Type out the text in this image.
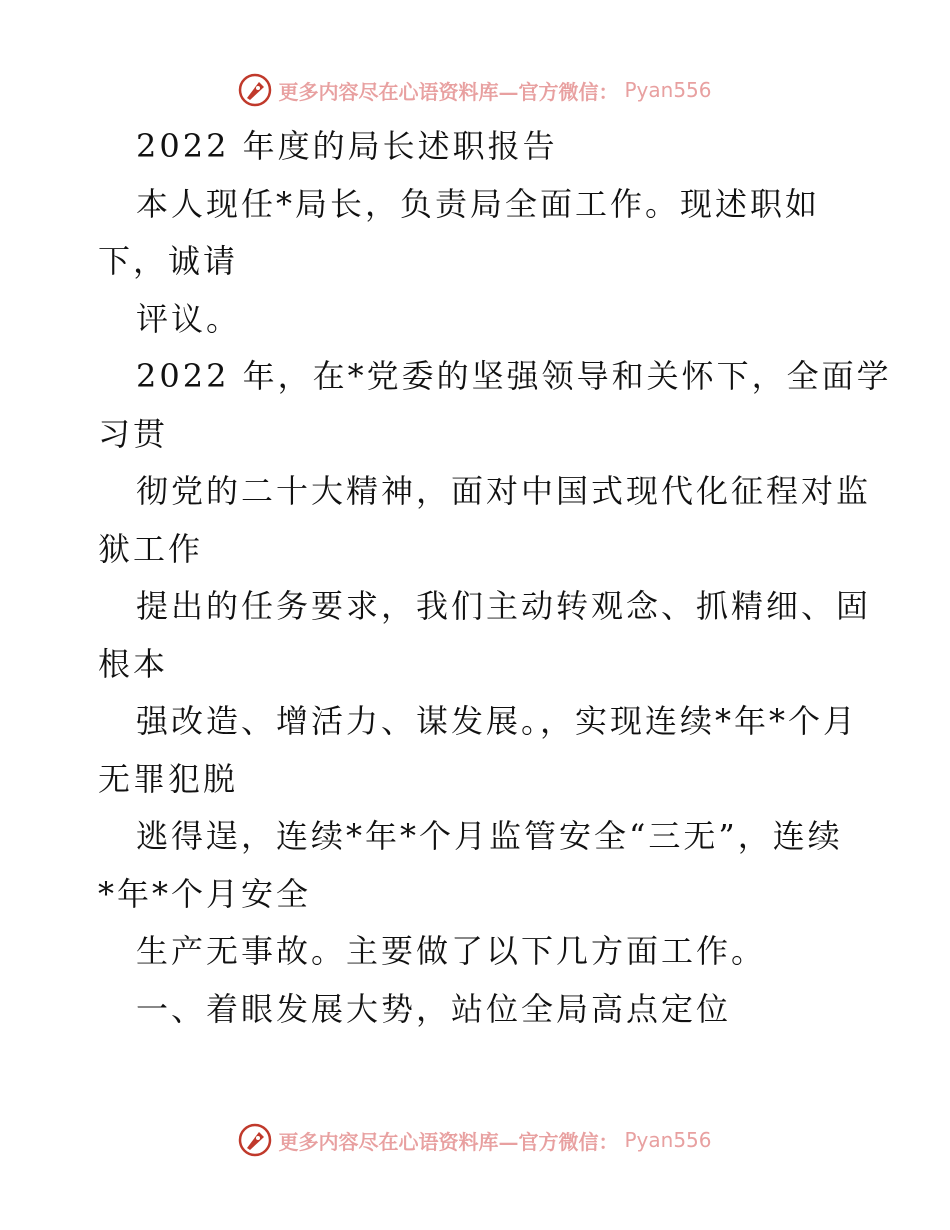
更多内容尽在心语资料库—官方微信： Pyan556
2022 年度的局长述职报告
本人现任*局长，负责局全面工作。现述职如
下，诚请
评议。
2022 年，在*党委的坚强领导和关怀下，全面学
习贯
彻党的二十大精神，面对中国式现代化征程对监
狱工作
提出的任务要求，我们主动转观念、抓精细、固
根本
强改造、增活力、谋发展。，实现连续*年*个月
无罪犯脱
逃得逞，连续*年*个月监管安全“三无”，连续
*年*个月安全
生产无事故。主要做了以下几方面工作。
一、着眼发展大势，站位全局高点定位
更多内容尽在心语资料库—官方微信： Pyan556
